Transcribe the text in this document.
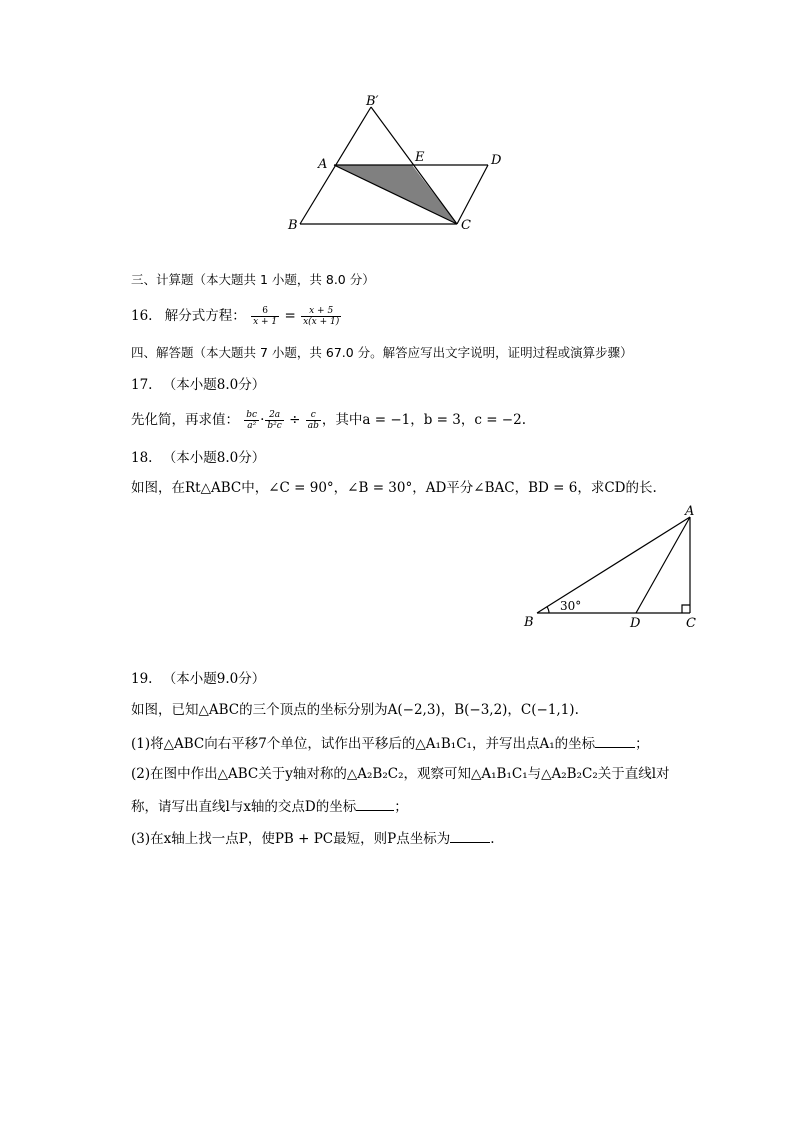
B′
A	E	D
B	C
三、计算题（本大题共 1 小题，共 8.0 分）
16. 解分式方程： $\frac{6}{x + 1} = \frac{x + 5}{x(x + 1)}$
四、解答题（本大题共 7 小题，共 67.0 分。解答应写出文字说明，证明过程或演算步骤）
17. （本小题8.0分）
先化简，再求值： $\frac{bc}{\text{a²}} \cdot \frac{2a}{\text{b²c}} \div \frac{c}{ab}$ ，其中a = −1，b = 3，c = −2.
18. （本小题8.0分）
如图，在Rt△ABC中，∠C = 90°，∠B = 30°，AD平分∠BAC，BD = 6，求CD的长.
A
B	D	C
30°
19. （本小题9.0分）
如图，已知△ABC的三个顶点的坐标分别为A(−2,3)，B(−3,2)，C(−1,1).
(1)将△ABC向右平移7个单位，试作出平移后的△A₁B₁C₁，并写出点A₁的坐标	；
(2)在图中作出△ABC关于y轴对称的△A₂B₂C₂，观察可知△A₁B₁C₁与△A₂B₂C₂关于直线l对
称，请写出直线l与x轴的交点D的坐标	；
(3)在x轴上找一点P，使PB + PC最短，则P点坐标为	.
